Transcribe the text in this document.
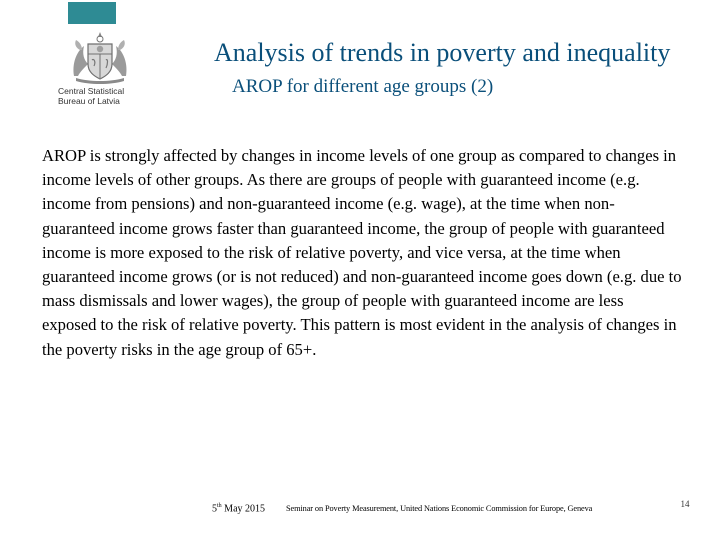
Central Statistical
Bureau of Latvia
Analysis of trends in poverty and inequality
AROP for different age groups (2)

AROP is strongly affected by changes in income levels of one group as compared to changes in income levels of other groups. As there are groups of people with guaranteed income (e.g. income from pensions) and non-guaranteed income (e.g. wage), at the time when non-guaranteed income grows faster than guaranteed income, the group of people with guaranteed income is more exposed to the risk of relative poverty, and vice versa, at the time when guaranteed income grows (or is not reduced) and non-guaranteed income goes down (e.g. due to mass dismissals and lower wages), the group of people with guaranteed income are less exposed to the risk of relative poverty. This pattern is most evident in the analysis of changes in the poverty risks in the age group of 65+.

5th May 2015	Seminar on Poverty Measurement, United Nations Economic Commission for Europe, Geneva	14
